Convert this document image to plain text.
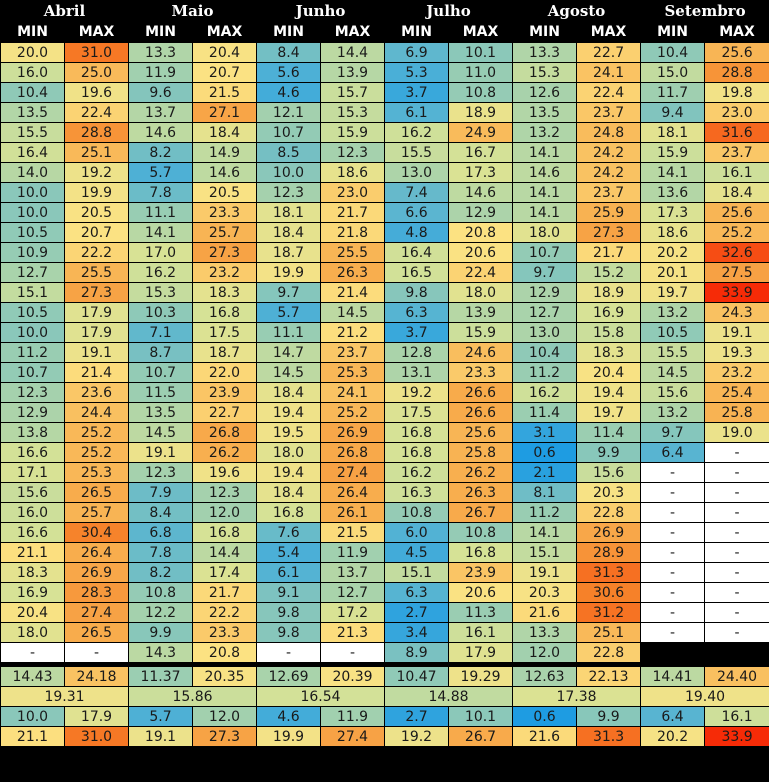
Abril		Maio		Junho		Julho		Agosto		Setembro	
MIN	MAX	MIN	MAX	MIN	MAX	MIN	MAX	MIN	MAX	MIN	MAX
20.0	31.0	13.3	20.4	8.4	14.4	6.9	10.1	13.3	22.7	10.4	25.6
16.0	25.0	11.9	20.7	5.6	13.9	5.3	11.0	15.3	24.1	15.0	28.8
10.4	19.6	9.6	21.5	4.6	15.7	3.7	10.8	12.6	22.4	11.7	19.8
13.5	22.4	13.7	27.1	12.1	15.3	6.1	18.9	13.5	23.7	9.4	23.0
15.5	28.8	14.6	18.4	10.7	15.9	16.2	24.9	13.2	24.8	18.1	31.6
16.4	25.1	8.2	14.9	8.5	12.3	15.5	16.7	14.1	24.2	15.9	23.7
14.0	19.2	5.7	14.6	10.0	18.6	13.0	17.3	14.6	24.2	14.1	16.1
10.0	19.9	7.8	20.5	12.3	23.0	7.4	14.6	14.1	23.7	13.6	18.4
10.0	20.5	11.1	23.3	18.1	21.7	6.6	12.9	14.1	25.9	17.3	25.6
10.5	20.7	14.1	25.7	18.4	21.8	4.8	20.8	18.0	27.3	18.6	25.2
10.9	22.2	17.0	27.3	18.7	25.5	16.4	20.6	10.7	21.7	20.2	32.6
12.7	25.5	16.2	23.2	19.9	26.3	16.5	22.4	9.7	15.2	20.1	27.5
15.1	27.3	15.3	18.3	9.7	21.4	9.8	18.0	12.9	18.9	19.7	33.9
10.5	17.9	10.3	16.8	5.7	14.5	6.3	13.9	12.7	16.9	13.2	24.3
10.0	17.9	7.1	17.5	11.1	21.2	3.7	15.9	13.0	15.8	10.5	19.1
11.2	19.1	8.7	18.7	14.7	23.7	12.8	24.6	10.4	18.3	15.5	19.3
10.7	21.4	10.7	22.0	14.5	25.3	13.1	23.3	11.2	20.4	14.5	23.2
12.3	23.6	11.5	23.9	18.4	24.1	19.2	26.6	16.2	19.4	15.6	25.4
12.9	24.4	13.5	22.7	19.4	25.2	17.5	26.6	11.4	19.7	13.2	25.8
13.8	25.2	14.5	26.8	19.5	26.9	16.8	25.6	3.1	11.4	9.7	19.0
16.6	25.2	19.1	26.2	18.0	26.8	16.8	25.8	0.6	9.9	6.4	-
17.1	25.3	12.3	19.6	19.4	27.4	16.2	26.2	2.1	15.6	-	-
15.6	26.5	7.9	12.3	18.4	26.4	16.3	26.3	8.1	20.3	-	-
16.0	25.7	8.4	12.0	16.8	26.1	10.8	26.7	11.2	22.8	-	-
16.6	30.4	6.8	16.8	7.6	21.5	6.0	10.8	14.1	26.9	-	-
21.1	26.4	7.8	14.4	5.4	11.9	4.5	16.8	15.1	28.9	-	-
18.3	26.9	8.2	17.4	6.1	13.7	15.1	23.9	19.1	31.3	-	-
16.9	28.3	10.8	21.7	9.1	12.7	6.3	20.6	20.3	30.6	-	-
20.4	27.4	12.2	22.2	9.8	17.2	2.7	11.3	21.6	31.2	-	-
18.0	26.5	9.9	23.3	9.8	21.3	3.4	16.1	13.3	25.1	-	-
-	-	14.3	20.8	-	-	8.9	17.9	12.0	22.8		

14.43	24.18	11.37	20.35	12.69	20.39	10.47	19.29	12.63	22.13	14.41	24.40
19.31		15.86		16.54		14.88		17.38		19.40	
10.0	17.9	5.7	12.0	4.6	11.9	2.7	10.1	0.6	9.9	6.4	16.1
21.1	31.0	19.1	27.3	19.9	27.4	19.2	26.7	21.6	31.3	20.2	33.9
